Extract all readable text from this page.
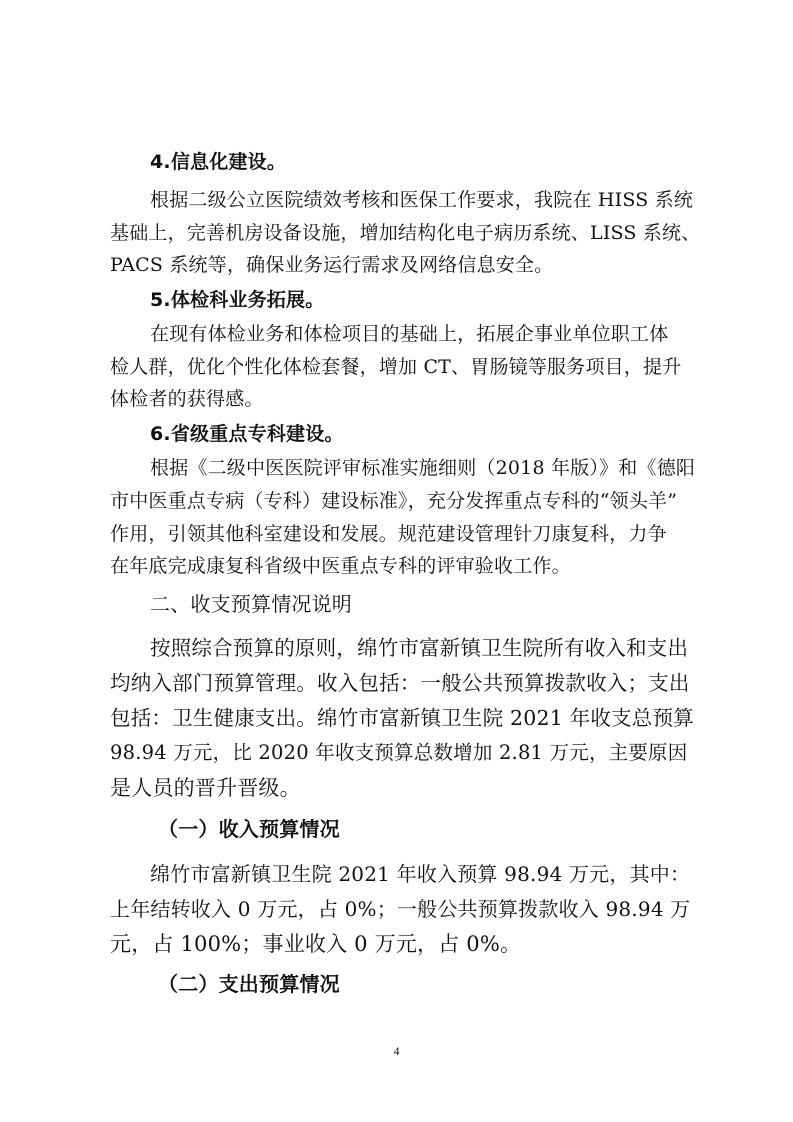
4.信息化建设。
根据二级公立医院绩效考核和医保工作要求，我院在 HISS 系统
基础上，完善机房设备设施，增加结构化电子病历系统、LISS 系统、
PACS 系统等，确保业务运行需求及网络信息安全。
5.体检科业务拓展。
在现有体检业务和体检项目的基础上，拓展企事业单位职工体
检人群，优化个性化体检套餐，增加 CT、胃肠镜等服务项目，提升
体检者的获得感。
6.省级重点专科建设。
根据《二级中医医院评审标准实施细则（2018 年版）》和《德阳
市中医重点专病（专科）建设标准》，充分发挥重点专科的“领头羊”
作用，引领其他科室建设和发展。规范建设管理针刀康复科，力争
在年底完成康复科省级中医重点专科的评审验收工作。
二、收支预算情况说明
按照综合预算的原则，绵竹市富新镇卫生院所有收入和支出
均纳入部门预算管理。收入包括：一般公共预算拨款收入；支出
包括：卫生健康支出。绵竹市富新镇卫生院 2021 年收支总预算
98.94 万元，比 2020 年收支预算总数增加 2.81 万元，主要原因
是人员的晋升晋级。
（一）收入预算情况
绵竹市富新镇卫生院 2021 年收入预算 98.94 万元，其中：
上年结转收入 0 万元，占 0%；一般公共预算拨款收入 98.94 万
元，占 100%；事业收入 0 万元，占 0%。
（二）支出预算情况
4
